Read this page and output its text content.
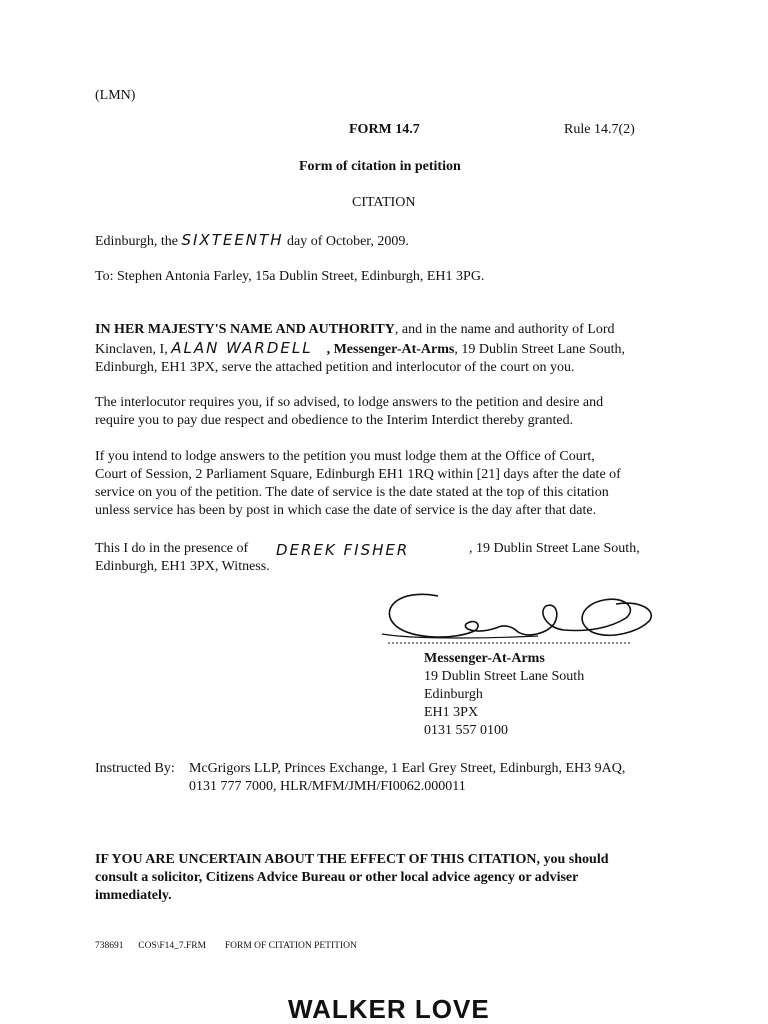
(LMN)
FORM 14.7	Rule 14.7(2)
Form of citation in petition
CITATION
Edinburgh, the SIXTEENTH day of October, 2009.
To: Stephen Antonia Farley, 15a Dublin Street, Edinburgh, EH1 3PG.
IN HER MAJESTY'S NAME AND AUTHORITY, and in the name and authority of Lord
Kinclaven, I, ALAN WARDELL , Messenger-At-Arms, 19 Dublin Street Lane South,
Edinburgh, EH1 3PX, serve the attached petition and interlocutor of the court on you.
The interlocutor requires you, if so advised, to lodge answers to the petition and desire and
require you to pay due respect and obedience to the Interim Interdict thereby granted.
If you intend to lodge answers to the petition you must lodge them at the Office of Court,
Court of Session, 2 Parliament Square, Edinburgh EH1 1RQ within [21] days after the date of
service on you of the petition. The date of service is the date stated at the top of this citation
unless service has been by post in which case the date of service is the day after that date.
This I do in the presence of DEREK FISHER	, 19 Dublin Street Lane South,
Edinburgh, EH1 3PX, Witness.
Messenger-At-Arms
19 Dublin Street Lane South
Edinburgh
EH1 3PX
0131 557 0100
Instructed By: McGrigors LLP, Princes Exchange, 1 Earl Grey Street, Edinburgh, EH3 9AQ,
0131 777 7000, HLR/MFM/JMH/FI0062.000011
IF YOU ARE UNCERTAIN ABOUT THE EFFECT OF THIS CITATION, you should
consult a solicitor, Citizens Advice Bureau or other local advice agency or adviser
immediately.
738691 COS\F14_7.FRM FORM OF CITATION PETITION
WALKER LOVE
